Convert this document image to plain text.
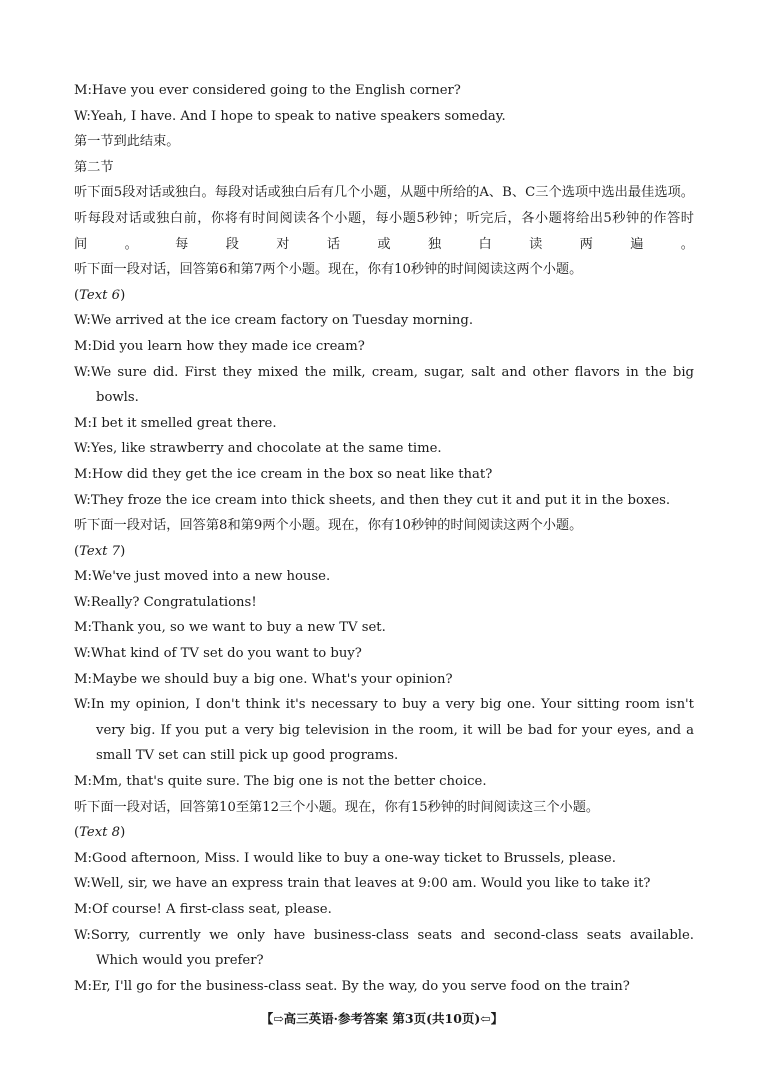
M:Have you ever considered going to the English corner?
W:Yeah, I have. And I hope to speak to native speakers someday.
第一节到此结束。
第二节
听下面5段对话或独白。每段对话或独白后有几个小题，从题中所给的A、B、C三个选项中选出最佳选项。听每段对话或独白前，你将有时间阅读各个小题，每小题5秒钟；听完后，各小题将给出5秒钟的作答时间。每段对话或独白读两遍。
听下面一段对话，回答第6和第7两个小题。现在，你有10秒钟的时间阅读这两个小题。
(Text 6)
W:We arrived at the ice cream factory on Tuesday morning.
M:Did you learn how they made ice cream?
W:We sure did. First they mixed the milk, cream, sugar, salt and other flavors in the big bowls.
M:I bet it smelled great there.
W:Yes, like strawberry and chocolate at the same time.
M:How did they get the ice cream in the box so neat like that?
W:They froze the ice cream into thick sheets, and then they cut it and put it in the boxes.
听下面一段对话，回答第8和第9两个小题。现在，你有10秒钟的时间阅读这两个小题。
(Text 7)
M:We've just moved into a new house.
W:Really? Congratulations!
M:Thank you, so we want to buy a new TV set.
W:What kind of TV set do you want to buy?
M:Maybe we should buy a big one. What's your opinion?
W:In my opinion, I don't think it's necessary to buy a very big one. Your sitting room isn't very big. If you put a very big television in the room, it will be bad for your eyes, and a small TV set can still pick up good programs.
M:Mm, that's quite sure. The big one is not the better choice.
听下面一段对话，回答第10至第12三个小题。现在，你有15秒钟的时间阅读这三个小题。
(Text 8)
M:Good afternoon, Miss. I would like to buy a one-way ticket to Brussels, please.
W:Well, sir, we have an express train that leaves at 9:00 am. Would you like to take it?
M:Of course! A first-class seat, please.
W:Sorry, currently we only have business-class seats and second-class seats available. Which would you prefer?
M:Er, I'll go for the business-class seat. By the way, do you serve food on the train?
【⇨高三英语·参考答案 第3页(共10页)⇦】
